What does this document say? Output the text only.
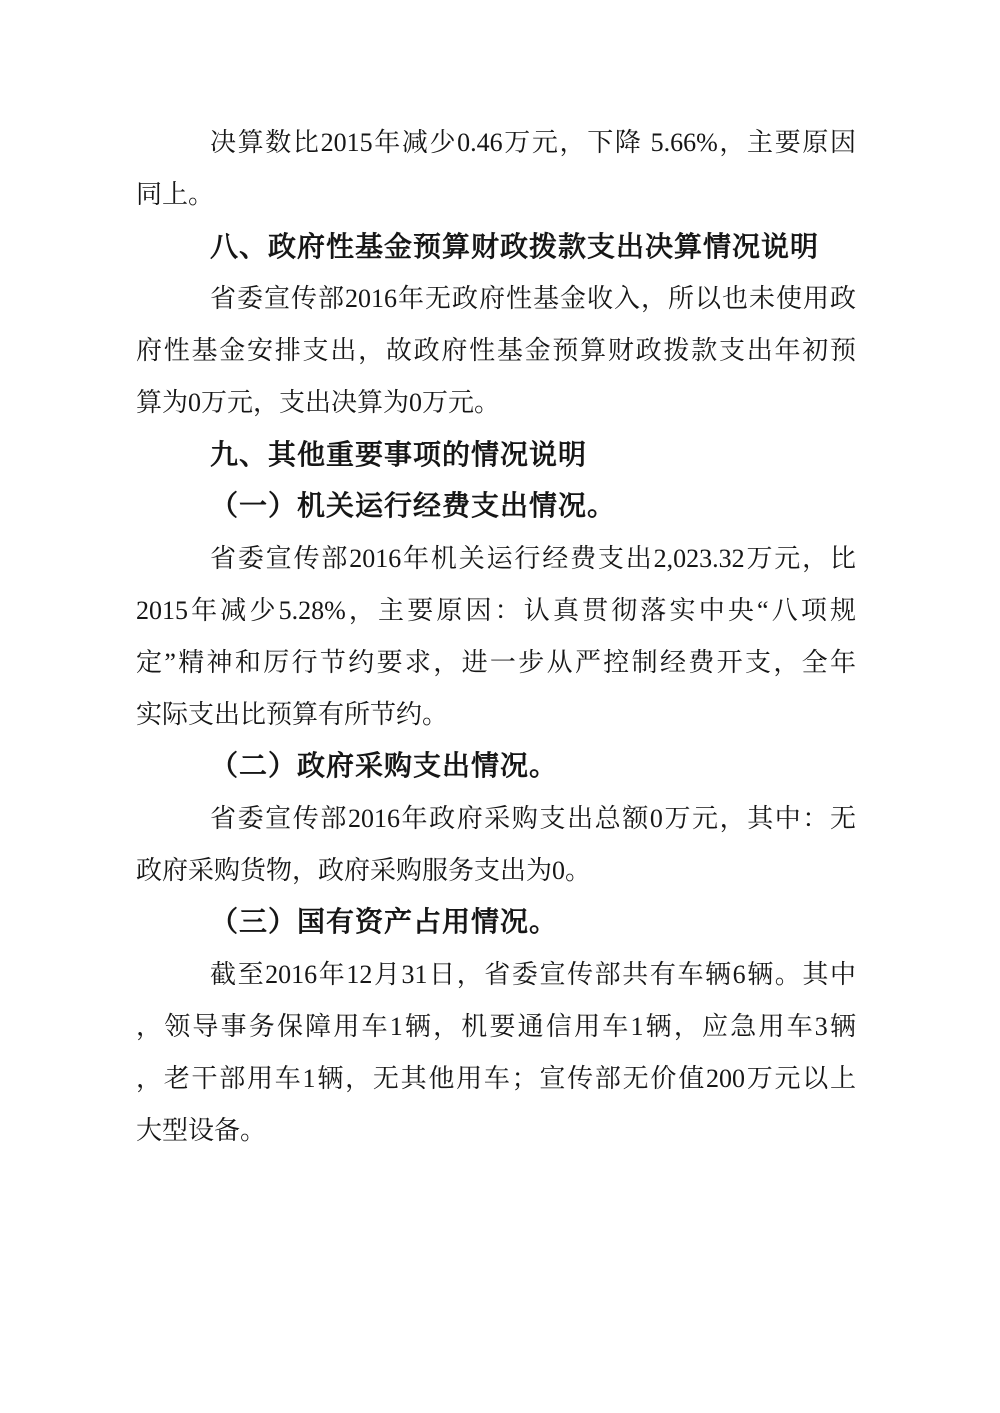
决算数比2015年减少0.46万元，下降 5.66%，主要原因
同上。
八、政府性基金预算财政拨款支出决算情况说明
省委宣传部2016年无政府性基金收入，所以也未使用政
府性基金安排支出，故政府性基金预算财政拨款支出年初预
算为0万元，支出决算为0万元。
九、其他重要事项的情况说明
（一）机关运行经费支出情况。
省委宣传部2016年机关运行经费支出2,023.32万元，比
2015年减少5.28%，主要原因：认真贯彻落实中央“八项规
定”精神和厉行节约要求，进一步从严控制经费开支，全年
实际支出比预算有所节约。
（二）政府采购支出情况。
省委宣传部2016年政府采购支出总额0万元，其中：无
政府采购货物，政府采购服务支出为0。
（三）国有资产占用情况。
截至2016年12月31日，省委宣传部共有车辆6辆。其中
，领导事务保障用车1辆，机要通信用车1辆，应急用车3辆
，老干部用车1辆，无其他用车；宣传部无价值200万元以上
大型设备。
